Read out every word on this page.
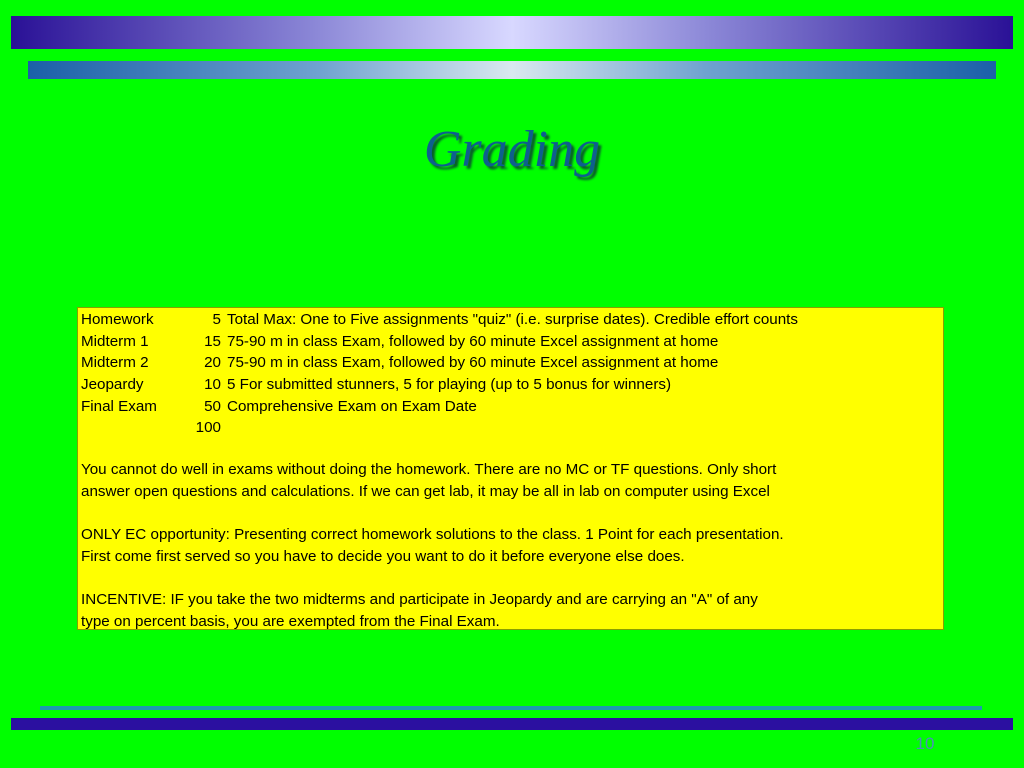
Grading
Homework	5 Total Max: One to Five assignments "quiz" (i.e. surprise dates). Credible effort counts
Midterm 1	15 75-90 m in class Exam, followed by 60 minute Excel assignment at home
Midterm 2	20 75-90 m in class Exam, followed by 60 minute Excel assignment at home
Jeopardy	10 5 For submitted stunners, 5 for playing (up to 5 bonus for winners)
Final Exam	50 Comprehensive Exam on Exam Date
100

You cannot do well in exams without doing the homework. There are no MC or TF questions. Only short
answer open questions and calculations. If we can get lab, it may be all in lab on computer using Excel

ONLY EC opportunity: Presenting correct homework solutions to the class. 1 Point for each presentation.
First come first served so you have to decide you want to do it before everyone else does.

INCENTIVE: IF you take the two midterms and participate in Jeopardy and are carrying an "A" of any
type on percent basis, you are exempted from the Final Exam.

10
